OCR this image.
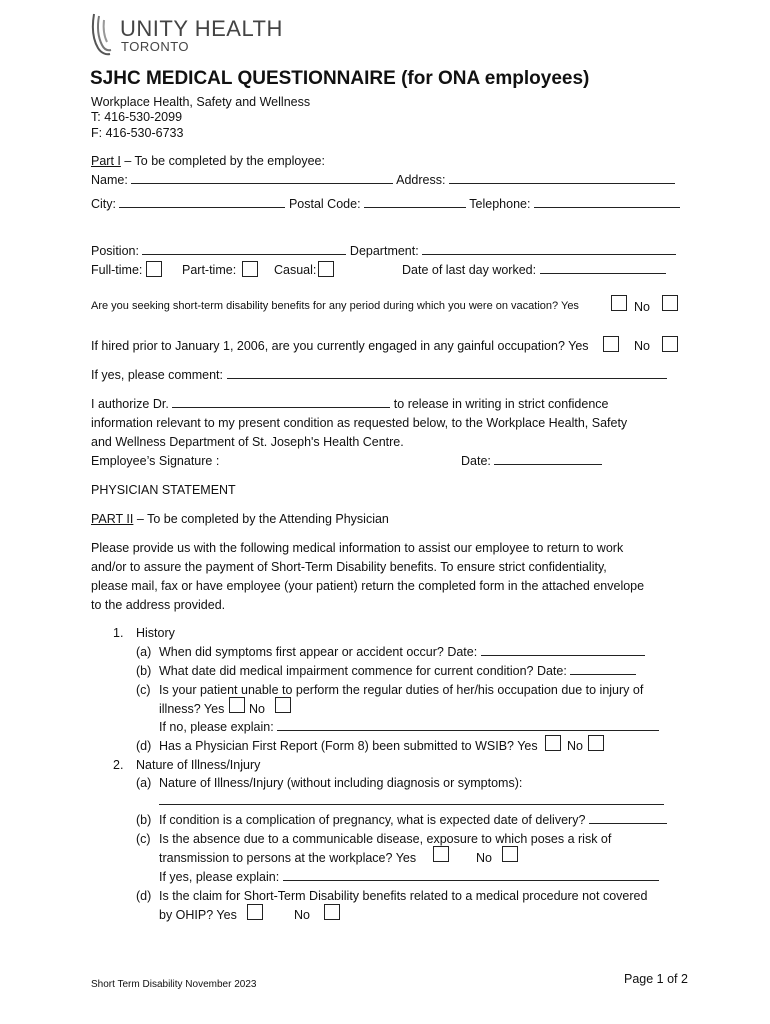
UNITY HEALTH
TORONTO
SJHC MEDICAL QUESTIONNAIRE (for ONA employees)
Workplace Health, Safety and Wellness
T: 416-530-2099
F: 416-530-6733
Part I – To be completed by the employee:
Name:	Address:
City:	Postal Code:	Telephone:
Position:	Department:
Full-time:	Part-time:	Casual:	Date of last day worked:
Are you seeking short-term disability benefits for any period during which you were on vacation? Yes	No
If hired prior to January 1, 2006, are you currently engaged in any gainful occupation? Yes	No
If yes, please comment:
I authorize Dr.	to release in writing in strict confidence
information relevant to my present condition as requested below, to the Workplace Health, Safety
and Wellness Department of St. Joseph's Health Centre.
Employee’s Signature :	Date:
PHYSICIAN STATEMENT
PART II – To be completed by the Attending Physician
Please provide us with the following medical information to assist our employee to return to work
and/or to assure the payment of Short-Term Disability benefits. To ensure strict confidentiality,
please mail, fax or have employee (your patient) return the completed form in the attached envelope
to the address provided.
1. History
(a) When did symptoms first appear or accident occur? Date:
(b) What date did medical impairment commence for current condition? Date:
(c) Is your patient unable to perform the regular duties of her/his occupation due to injury of
illness? Yes No
If no, please explain:
(d) Has a Physician First Report (Form 8) been submitted to WSIB? Yes No
2. Nature of Illness/Injury
(a) Nature of Illness/Injury (without including diagnosis or symptoms):
(b) If condition is a complication of pregnancy, what is expected date of delivery?
(c) Is the absence due to a communicable disease, exposure to which poses a risk of
transmission to persons at the workplace? Yes	No
If yes, please explain:
(d) Is the claim for Short-Term Disability benefits related to a medical procedure not covered
by OHIP? Yes	No
Short Term Disability November 2023	Page 1 of 2
